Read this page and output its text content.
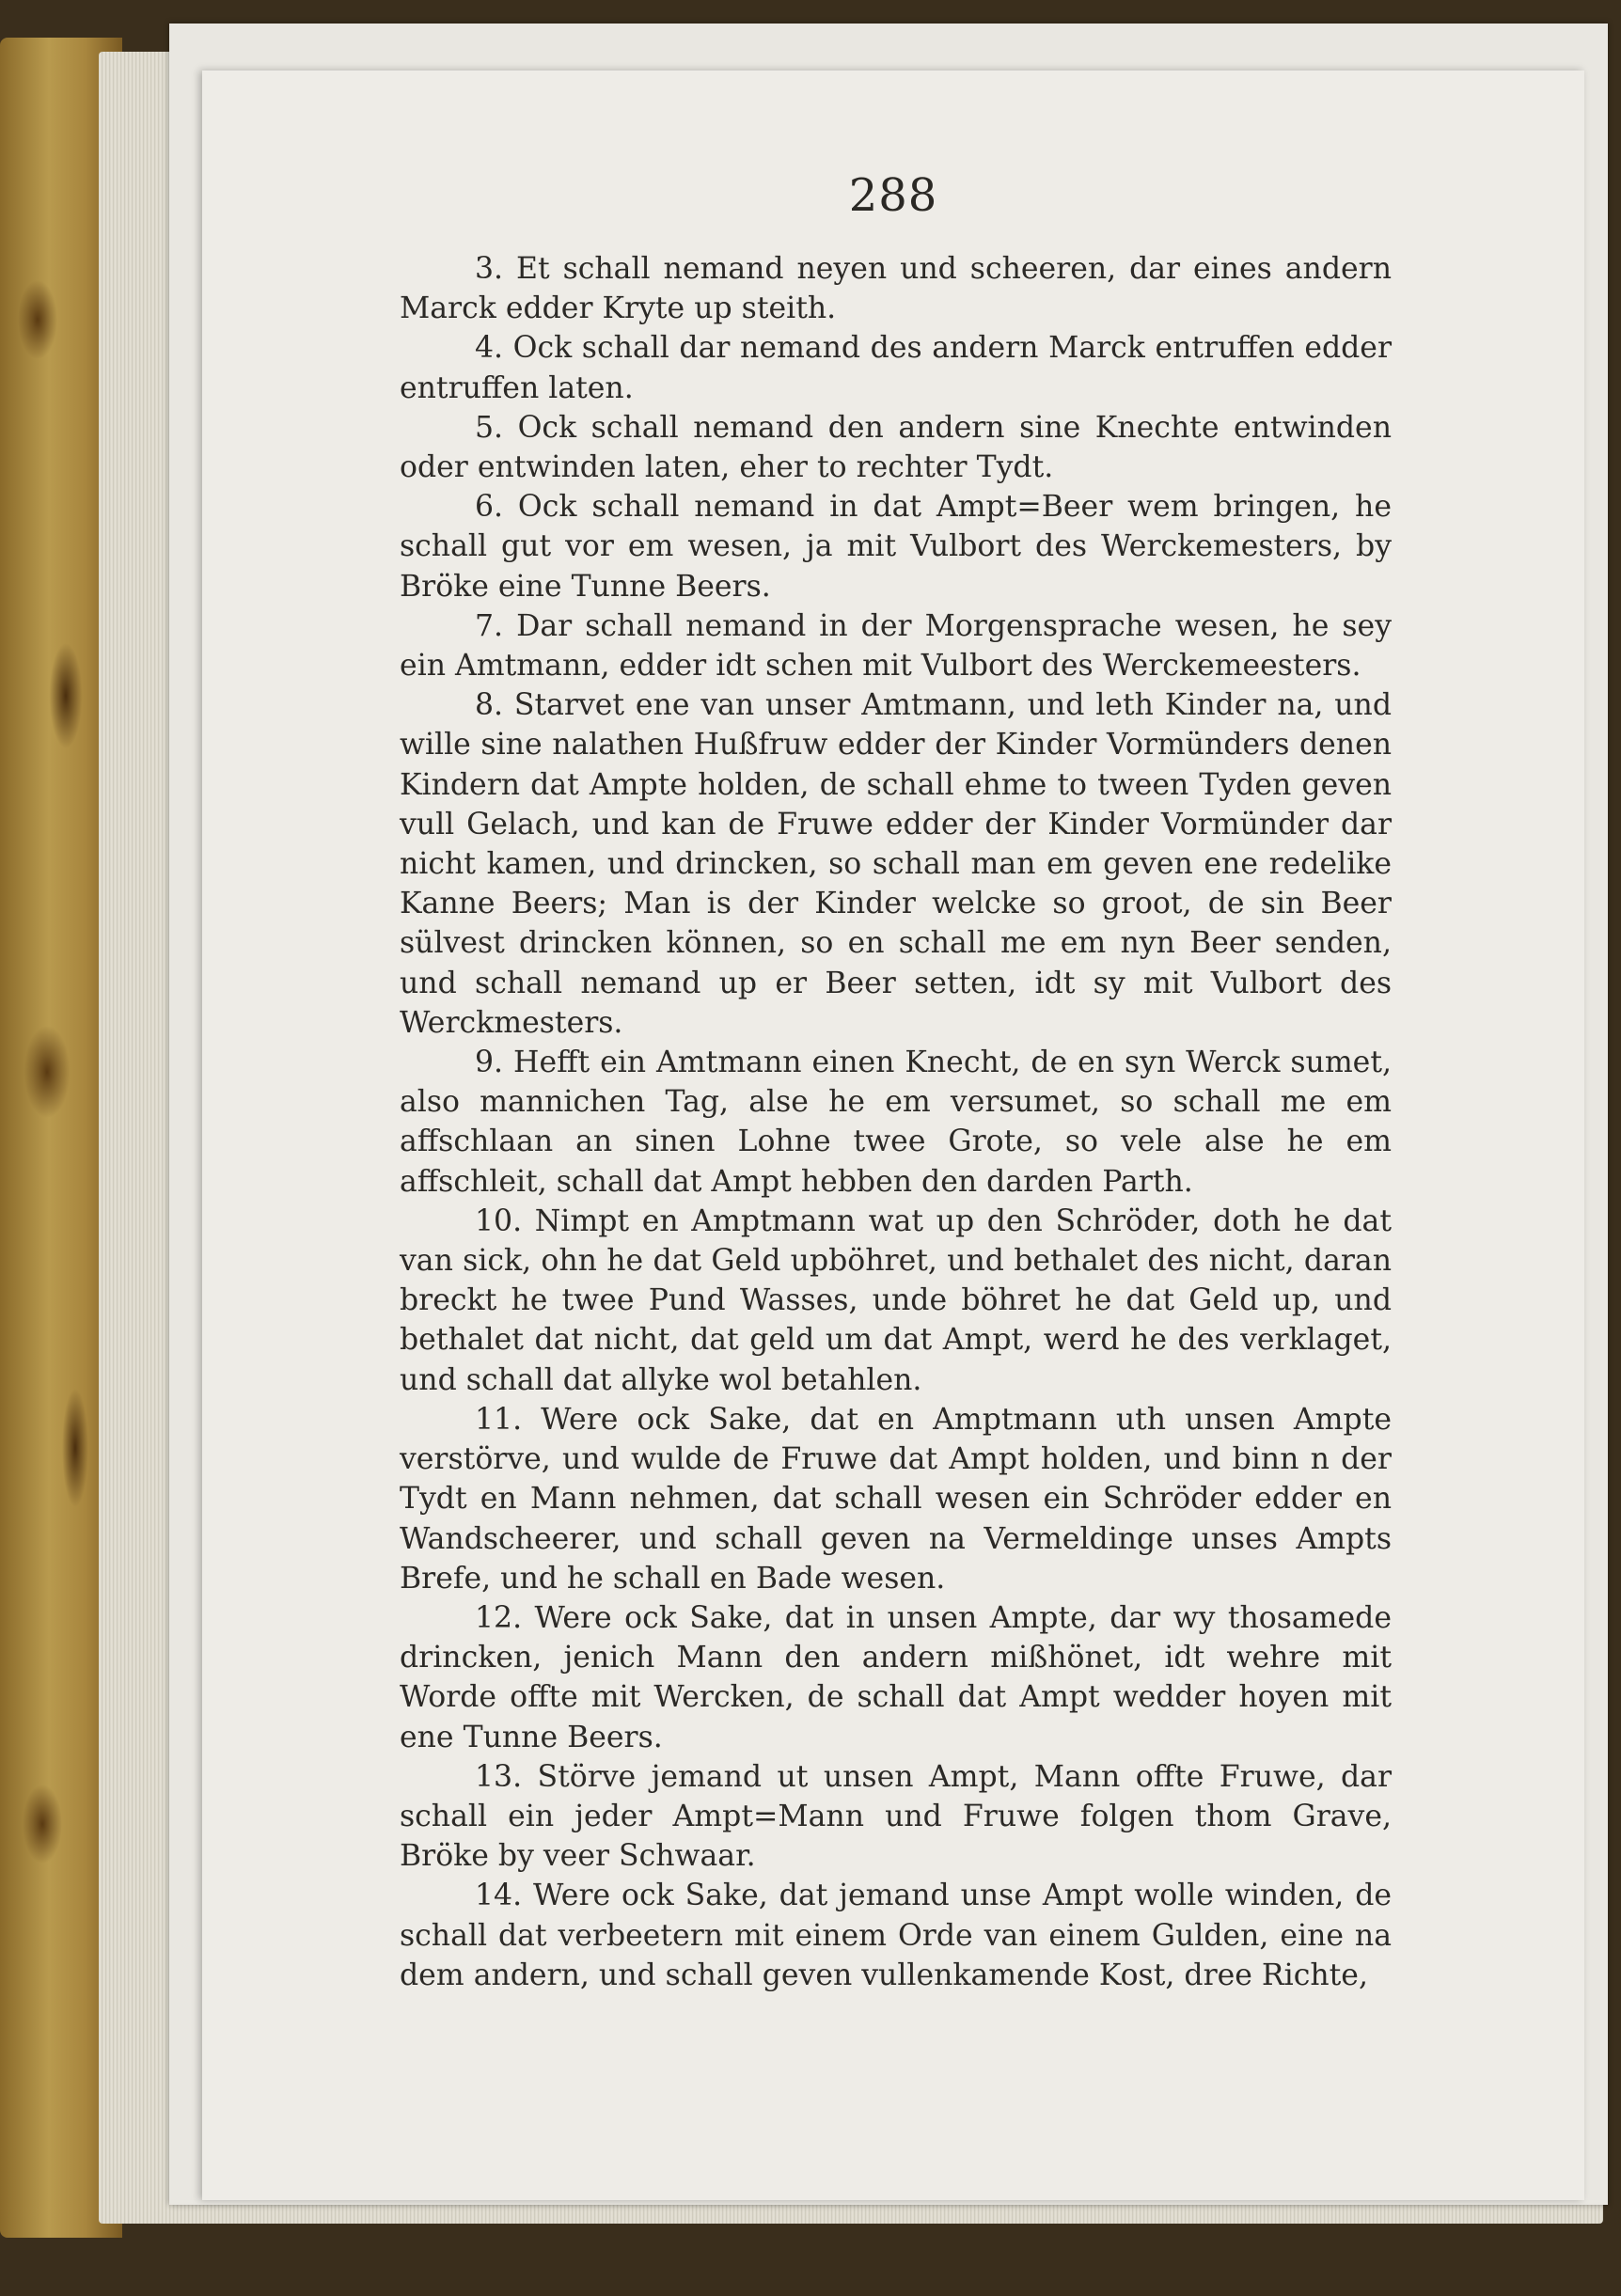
288

3. Et schall nemand neyen und scheeren, dar eines andern Marck edder Kryte up steith.

4. Ock schall dar nemand des andern Marck entruffen edder entruffen laten.

5. Ock schall nemand den andern sine Knechte entwinden oder entwinden laten, eher to rechter Tydt.

6. Ock schall nemand in dat Ampt=Beer wem bringen, he schall gut vor em wesen, ja mit Vulbort des Werckemesters, by Bröke eine Tunne Beers.

7. Dar schall nemand in der Morgensprache wesen, he sey ein Amtmann, edder idt schen mit Vulbort des Werckemeesters.

8. Starvet ene van unser Amtmann, und leth Kinder na, und wille sine nalathen Hußfruw edder der Kinder Vormünders denen Kindern dat Ampte holden, de schall ehme to tween Tyden geven vull Gelach, und kan de Fruwe edder der Kinder Vormünder dar nicht kamen, und drincken, so schall man em geven ene redelike Kanne Beers; Man is der Kinder welcke so groot, de sin Beer sülvest drincken können, so en schall me em nyn Beer senden, und schall nemand up er Beer setten, idt sy mit Vulbort des Werckmesters.

9. Hefft ein Amtmann einen Knecht, de en syn Werck sumet, also mannichen Tag, alse he em versumet, so schall me em affschlaan an sinen Lohne twee Grote, so vele alse he em affschleit, schall dat Ampt hebben den darden Parth.

10. Nimpt en Amptmann wat up den Schröder, doth he dat van sick, ohn he dat Geld upböhret, und bethalet des nicht, daran breckt he twee Pund Wasses, unde böhret he dat Geld up, und bethalet dat nicht, dat geld um dat Ampt, werd he des verklaget, und schall dat allyke wol betahlen.

11. Were ock Sake, dat en Amptmann uth unsen Ampte verstörve, und wulde de Fruwe dat Ampt holden, und binn n der Tydt en Mann nehmen, dat schall wesen ein Schröder edder en Wandscheerer, und schall geven na Vermeldinge unses Ampts Brefe, und he schall en Bade wesen.

12. Were ock Sake, dat in unsen Ampte, dar wy thosamede drincken, jenich Mann den andern mißhönet, idt wehre mit Worde offte mit Wercken, de schall dat Ampt wedder hoyen mit ene Tunne Beers.

13. Störve jemand ut unsen Ampt, Mann offte Fruwe, dar schall ein jeder Ampt=Mann und Fruwe folgen thom Grave, Bröke by veer Schwaar.

14. Were ock Sake, dat jemand unse Ampt wolle winden, de schall dat verbeetern mit einem Orde van einem Gulden, eine na dem andern, und schall geven vullenkamende Kost, dree Richte,
